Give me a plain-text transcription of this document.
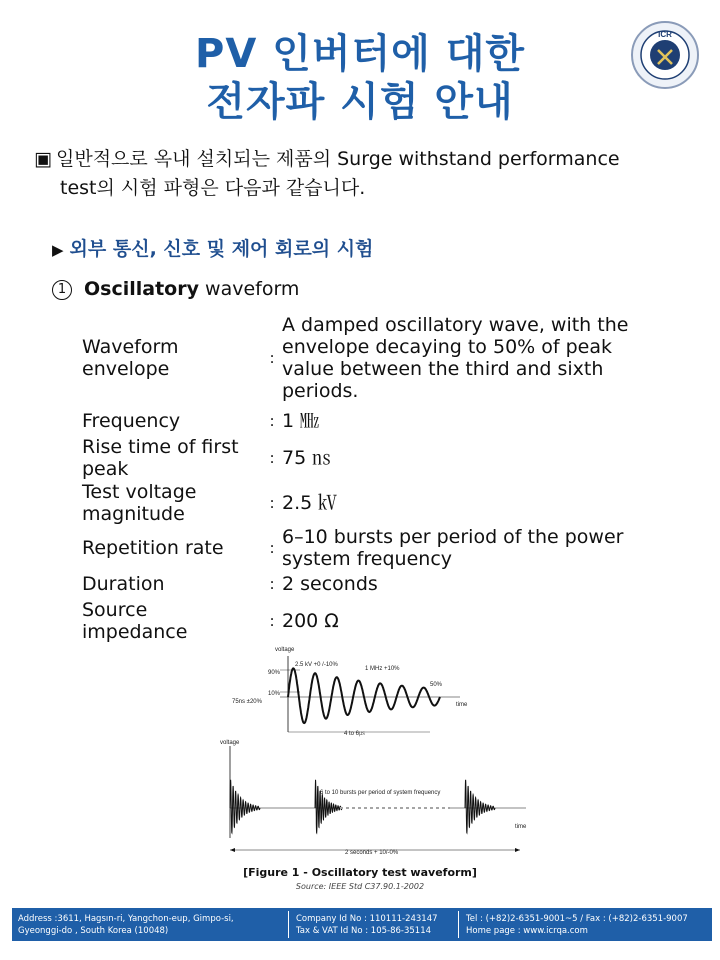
PV 인버터에 대한
전자파 시험 안내
ICR
▣ 일반적으로 옥내 설치되는 제품의 Surge withstand performance
test의 시험 파형은 다음과 같습니다.
▶ 외부 통신, 신호 및 제어 회로의 시험
1 Oscillatory waveform
Waveform envelope	:	A damped oscillatory wave, with the envelope decaying to 50% of peak value between the third and sixth periods.
Frequency	:	1 ㎒
Rise time of first peak	:	75 ㎱
Test voltage magnitude	:	2.5 ㎸
Repetition rate	:	6–10 bursts per period of the power system frequency
Duration	:	2 seconds
Source impedance	:	200 Ω
voltage
2.5 kV +0 /-10%
1 MHz +10%
90%
10%
50%
75ns ±20%	time
4 to 6㎲
voltage
6 to 10 bursts per period of system frequency
time
2 seconds + 10/-0%
[Figure 1 - Oscillatory test waveform]
Source: IEEE Std C37.90.1-2002
Address :3611, Hagsın-ri, Yangchon-eup, Gimpo-si,
Gyeonggi-do , South Korea (10048)
Company Id No : 110111-243147
Tax & VAT Id No : 105-86-35114
Tel : (+82)2-6351-9001~5 / Fax : (+82)2-6351-9007
Home page : www.icrqa.com
